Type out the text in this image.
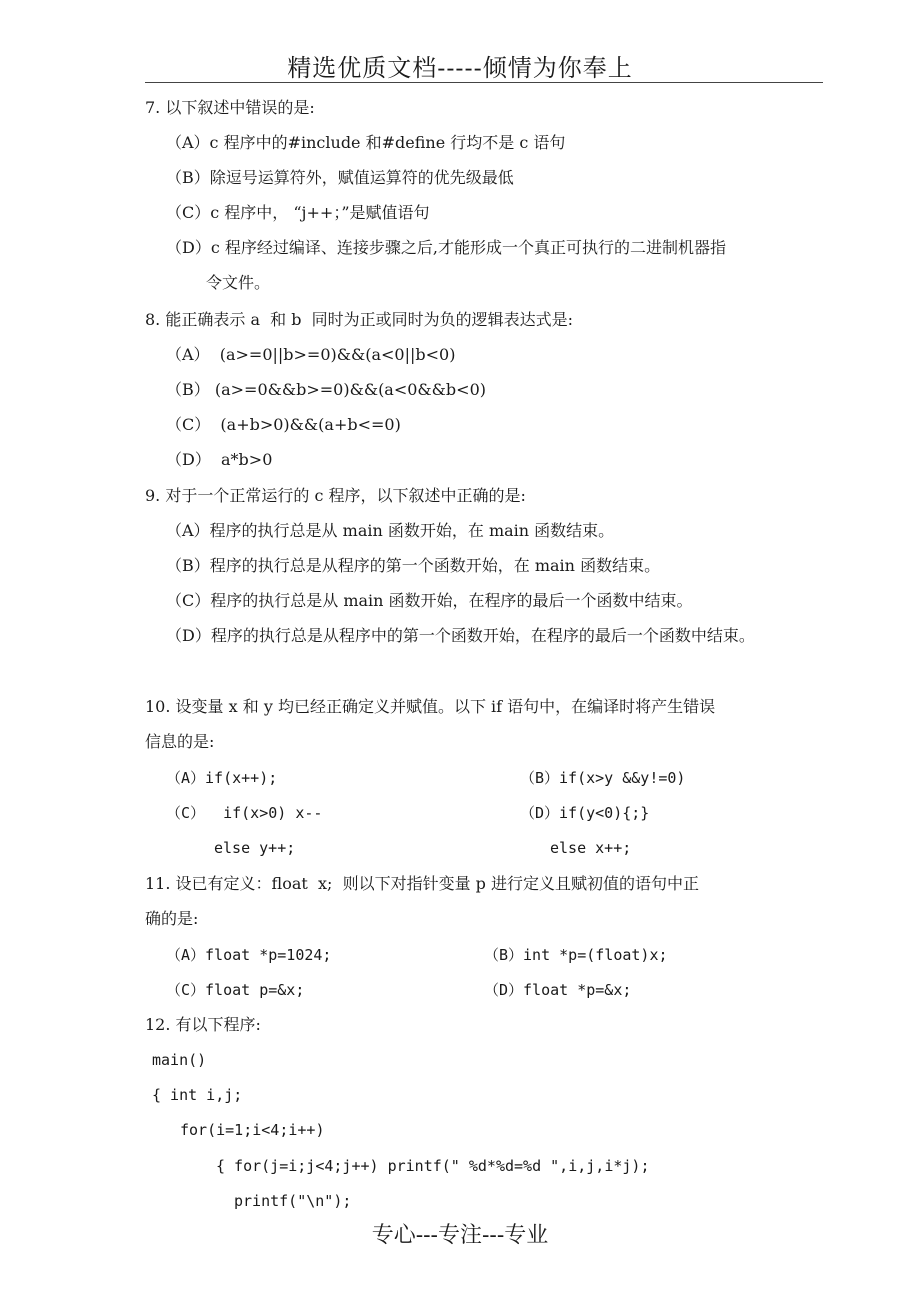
精选优质文档-----倾情为你奉上
7. 以下叙述中错误的是:
（A）c 程序中的#include 和#define 行均不是 c 语句
（B）除逗号运算符外，赋值运算符的优先级最低
（C）c 程序中， “j++；”是赋值语句
（D）c 程序经过编译、连接步骤之后,才能形成一个真正可执行的二进制机器指
令文件。
8. 能正确表示 a  和 b  同时为正或同时为负的逻辑表达式是:
（A）  (a>=0||b>=0)&&(a<0||b<0)
（B） (a>=0&&b>=0)&&(a<0&&b<0)
（C）  (a+b>0)&&(a+b<=0)
（D）  a*b>0
9. 对于一个正常运行的 c 程序，以下叙述中正确的是:
（A）程序的执行总是从 main 函数开始，在 main 函数结束。
（B）程序的执行总是从程序的第一个函数开始，在 main 函数结束。
（C）程序的执行总是从 main 函数开始，在程序的最后一个函数中结束。
（D）程序的执行总是从程序中的第一个函数开始，在程序的最后一个函数中结束。
10. 设变量 x 和 y 均已经正确定义并赋值。以下 if 语句中，在编译时将产生错误
信息的是:
（A）if(x++);	（B）if(x>y &&y!=0)
（C）  if(x>0) x--	（D）if(y<0){;}
else y++;	else x++;
11. 设已有定义：float  x;  则以下对指针变量 p 进行定义且赋初值的语句中正
确的是:
（A）float *p=1024;	（B）int *p=(float)x;
（C）float p=&x;	（D）float *p=&x;
12. 有以下程序:
main()
{ int i,j;
for(i=1;i<4;i++)
{ for(j=i;j<4;j++) printf(" %d*%d=%d ",i,j,i*j);
printf("\n");
专心---专注---专业
